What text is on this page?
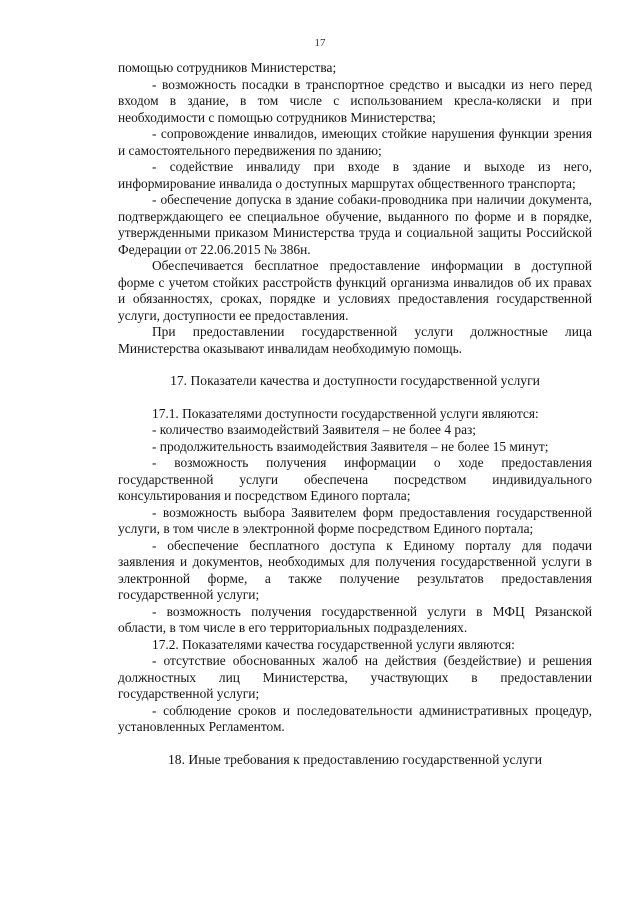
17

помощью сотрудников Министерства;

- возможность посадки в транспортное средство и высадки из него перед входом в здание, в том числе с использованием кресла-коляски и при необходимости с помощью сотрудников Министерства;

- сопровождение инвалидов, имеющих стойкие нарушения функции зрения и самостоятельного передвижения по зданию;

- содействие инвалиду при входе в здание и выходе из него, информирование инвалида о доступных маршрутах общественного транспорта;

- обеспечение допуска в здание собаки-проводника при наличии документа, подтверждающего ее специальное обучение, выданного по форме и в порядке, утвержденными приказом Министерства труда и социальной защиты Российской Федерации от 22.06.2015 № 386н.

Обеспечивается бесплатное предоставление информации в доступной форме с учетом стойких расстройств функций организма инвалидов об их правах и обязанностях, сроках, порядке и условиях предоставления государственной услуги, доступности ее предоставления.

При предоставлении государственной услуги должностные лица Министерства оказывают инвалидам необходимую помощь.

17. Показатели качества и доступности государственной услуги

17.1. Показателями доступности государственной услуги являются:

- количество взаимодействий Заявителя – не более 4 раз;

- продолжительность взаимодействия Заявителя – не более 15 минут;

- возможность получения информации о ходе предоставления государственной услуги обеспечена посредством индивидуального консультирования и посредством Единого портала;

- возможность выбора Заявителем форм предоставления государственной услуги, в том числе в электронной форме посредством Единого портала;

- обеспечение бесплатного доступа к Единому порталу для подачи заявления и документов, необходимых для получения государственной услуги в электронной форме, а также получение результатов предоставления государственной услуги;

- возможность получения государственной услуги в МФЦ Рязанской области, в том числе в его территориальных подразделениях.

17.2. Показателями качества государственной услуги являются:

- отсутствие обоснованных жалоб на действия (бездействие) и решения должностных лиц Министерства, участвующих в предоставлении государственной услуги;

- соблюдение сроков и последовательности административных процедур, установленных Регламентом.

18. Иные требования к предоставлению государственной услуги
